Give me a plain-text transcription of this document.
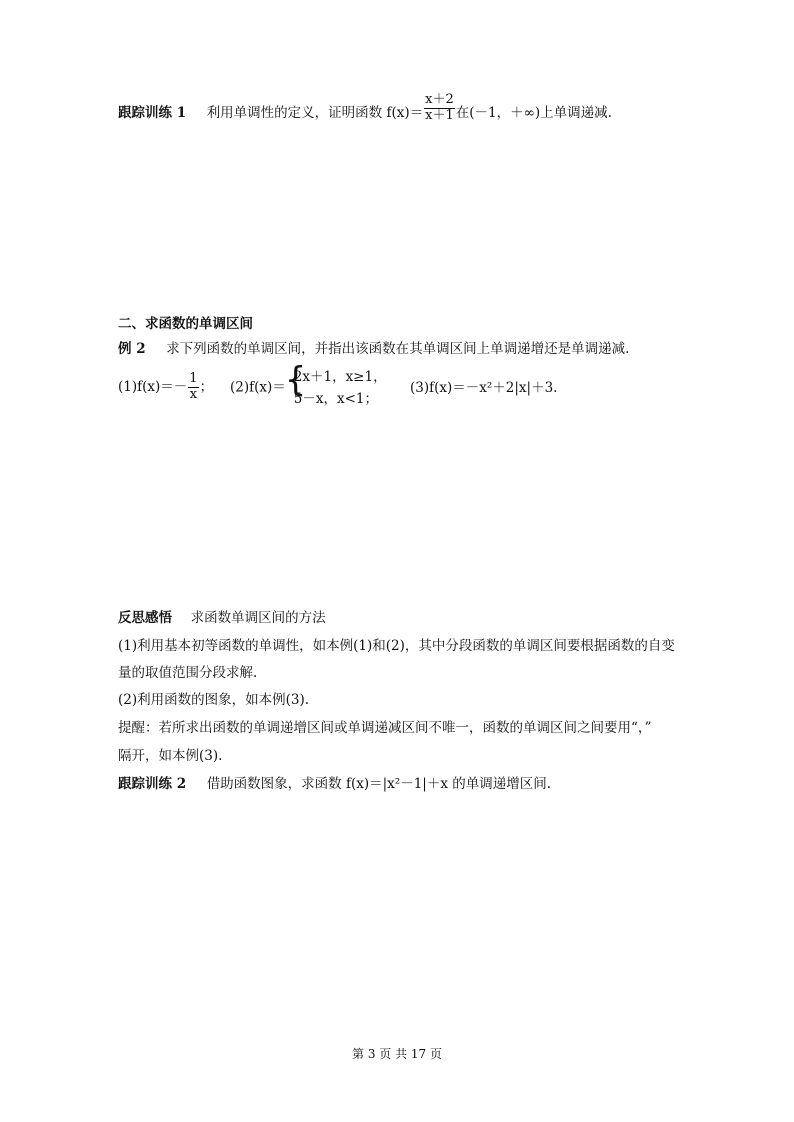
跟踪训练 1 利用单调性的定义，证明函数 $f(x)= \frac{x+2}{x+1}$ 在(－1，＋∞)上单调递减.
二、求函数的单调区间
例 2 求下列函数的单调区间，并指出该函数在其单调区间上单调递增还是单调递减.
$(1)f(x)=- \frac{1}{x}$ ； (2)f(x)＝ {
2x＋1，x≥1，
5－x，x<1；
(3)f(x)＝－x²＋2|x|＋3.
反思感悟 求函数单调区间的方法
(1)利用基本初等函数的单调性，如本例(1)和(2)，其中分段函数的单调区间要根据函数的自变
量的取值范围分段求解.
(2)利用函数的图象，如本例(3).
提醒：若所求出函数的单调递增区间或单调递减区间不唯一，函数的单调区间之间要用“，”
隔开，如本例(3).
跟踪训练 2 借助函数图象，求函数 f(x)＝|x²－1|＋x 的单调递增区间.
第 3 页 共 17 页
